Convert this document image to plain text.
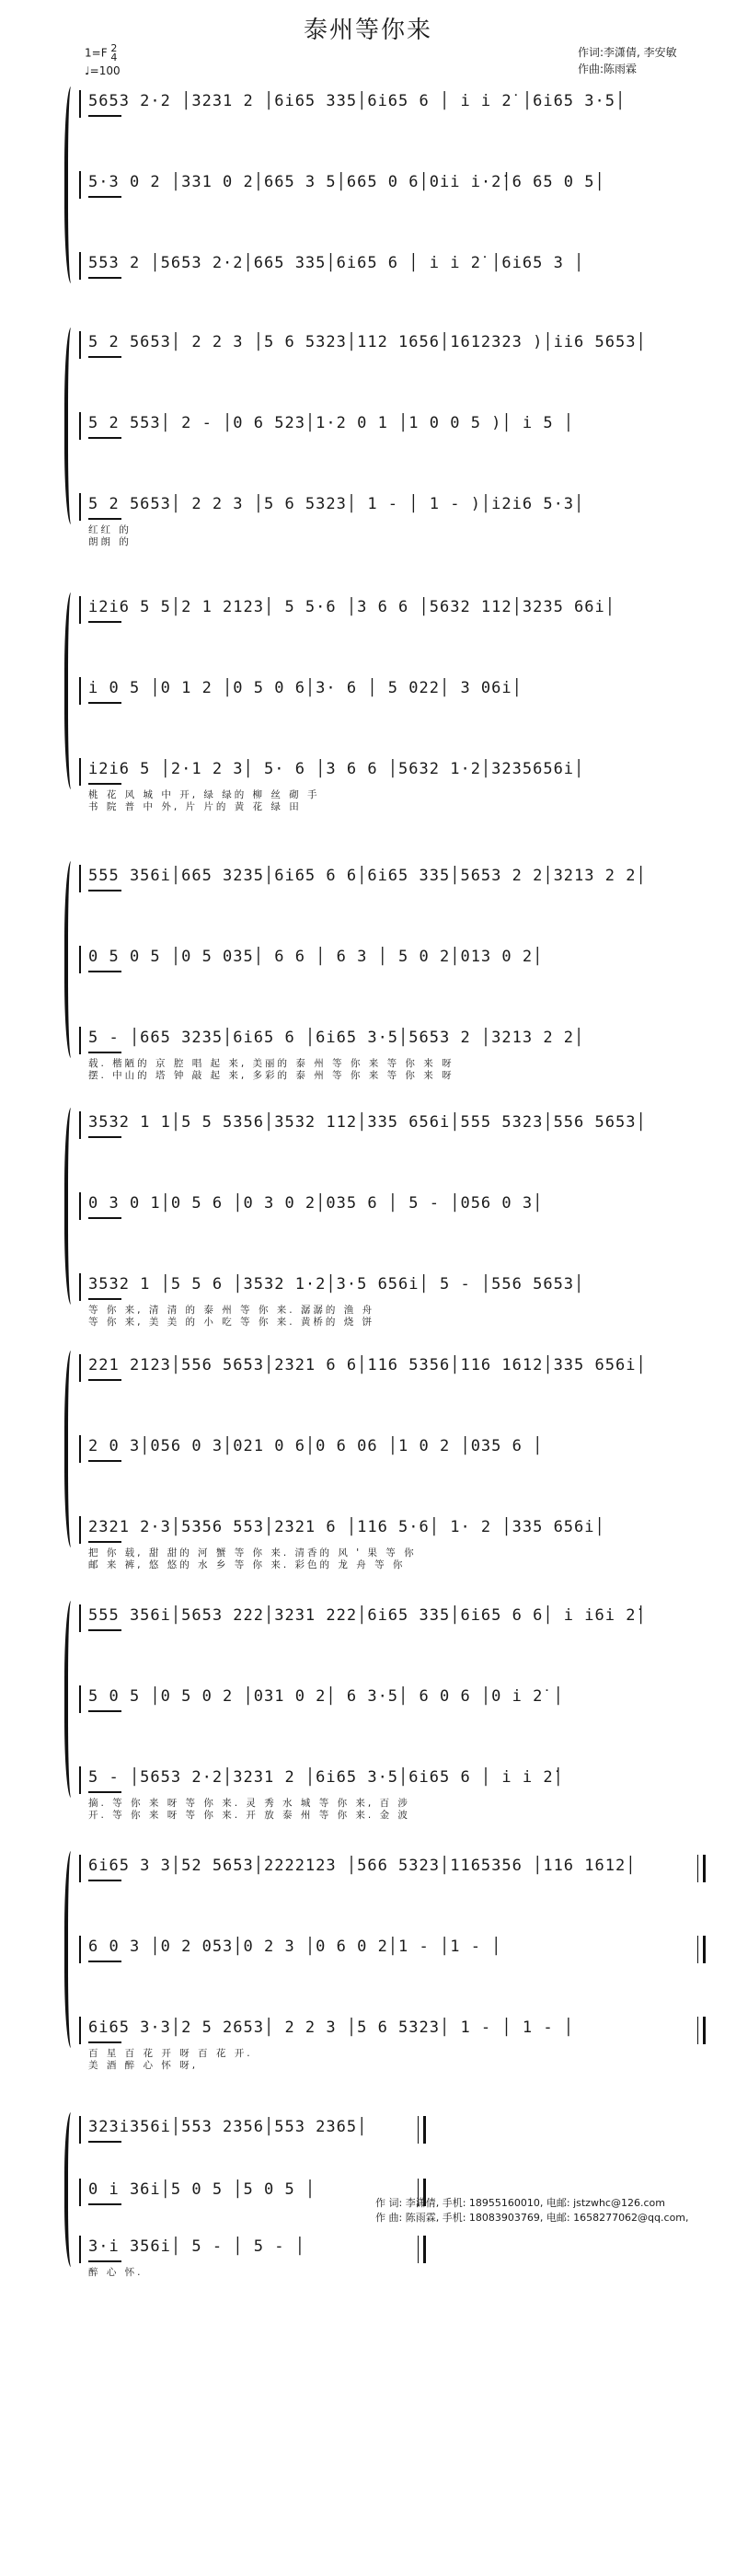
泰州等你来
1=F 2
4
♩=100
作词:李潇倩, 李安敏
作曲:陈雨霖
5653 2·2 │3231 2 │6i65 335│6i65 6 │ i i 2̇ │6i65 3·5│
5·3 0 2 │331 0 2│665 3 5│665 0 6│0ii i·2̇│6 65 0 5│
553 2 │5653 2·2│665 335│6i65 6 │ i i 2̇ │6i65 3 │
5 2 5653│ 2 2 3 │5 6 5323│112 1656│1612323 )│ii6 5653│
5 2 553│ 2 - │0 6 523│1·2 0 1 │1 0 0 5 )│ i 5 │
5 2 5653│ 2 2 3 │5 6 5323│ 1 - │ 1 - )│i2i6 5·3│
红红 的
朗朗 的
i2i6 5 5│2 1 2123│ 5 5·6 │3 6 6 │5632 112│3235 66i│
i 0 5 │0 1 2 │0 5 0 6│3· 6 │ 5 022│ 3 06i│
i2i6 5 │2·1 2 3│ 5· 6 │3 6 6 │5632 1·2│3235656i│
桃 花 风 城 中 开, 绿 绿的 柳 丝 砌 手
书 院 普 中 外, 片 片的 黄 花 绿 田
555 356i│665 3235│6i65 6 6│6i65 335│5653 2 2│3213 2 2│
0 5 0 5 │0 5 035│ 6 6 │ 6 3 │ 5 0 2│013 0 2│
5 - │665 3235│6i65 6 │6i65 3·5│5653 2 │3213 2 2│
载. 楷陋的 京 腔 唱 起 来, 美丽的 泰 州 等 你 来 等 你 来 呀
摆. 中山的 塔 钟 敲 起 来, 多彩的 泰 州 等 你 来 等 你 来 呀
3532 1 1│5 5 5356│3532 112│335 656i│555 5323│556 5653│
0 3 0 1│0 5 6 │0 3 0 2│035 6 │ 5 - │056 0 3│
3532 1 │5 5 6 │3532 1·2│3·5 656i│ 5 - │556 5653│
等 你 来, 清 清 的 泰 州 等 你 来. 潺潺的 渔 舟
等 你 来, 美 美 的 小 吃 等 你 来. 黄桥的 烧 饼
221 2123│556 5653│2321 6 6│116 5356│116 1612│335 656i│
2 0 3│056 0 3│021 0 6│0 6 06 │1 0 2 │035 6 │
2321 2·3│5356 553│2321 6 │116 5·6│ 1· 2 │335 656i│
把 你 载, 甜 甜的 河 蟹 等 你 来. 清香的 风 ' 果 等 你
邮 来 裤, 悠 悠的 水 乡 等 你 来. 彩色的 龙 舟 等 你
555 356i│5653 222│3231 222│6i65 335│6i65 6 6│ i i6i 2̇│
5 0 5 │0 5 0 2 │031 0 2│ 6 3·5│ 6 0 6 │0 i 2̇ │
5 - │5653 2·2│3231 2 │6i65 3·5│6i65 6 │ i i 2̇│
摘. 等 你 来 呀 等 你 来. 灵 秀 水 城 等 你 来, 百 涉
开. 等 你 来 呀 等 你 来. 开 放 泰 州 等 你 来. 金 波
6i65 3 3│52 5653│2222123 │566 5323│1165356 │116 1612│
6 0 3 │0 2 053│0 2 3 │0 6 0 2│1 - │1 - │
6i65 3·3│2 5 2653│ 2 2 3 │5 6 5323│ 1 - │ 1 - │
百 星 百 花 开 呀 百 花 开.
美 酒 醉 心 怀 呀,
323i356i│553 2356│553 2365│
0 i 36i│5 0 5 │5 0 5 │
3·i 356i│ 5 - │ 5 - │
醉 心 怀.
作 词: 李潇倩, 手机: 18955160010, 电邮: jstzwhc@126.com
作 曲: 陈雨霖, 手机: 18083903769, 电邮: 1658277062@qq.com,
